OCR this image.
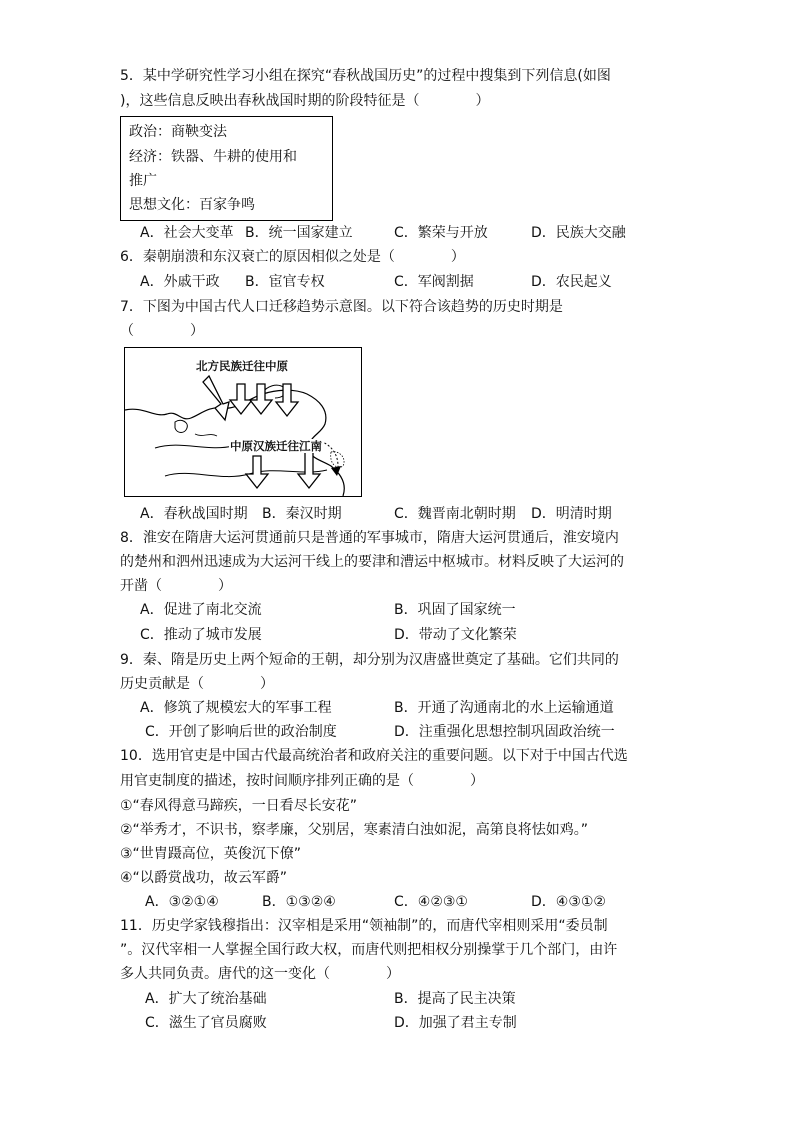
5．某中学研究性学习小组在探究“春秋战国历史”的过程中搜集到下列信息(如图
)，这些信息反映出春秋战国时期的阶段特征是（　　　　）
政治：商鞅变法
经济：铁器、牛耕的使用和
推广
思想文化：百家争鸣
A．社会大变革 B．统一国家建立	C．繁荣与开放	D．民族大交融
6．秦朝崩溃和东汉衰亡的原因相似之处是（　　　　）
A．外戚干政 B．宦官专权	C．军阀割据	D．农民起义
7．下图为中国古代人口迁移趋势示意图。以下符合该趋势的历史时期是
（　　　　）
北方民族迁往中原
中原汉族迁往江南
A．春秋战国时期 B．秦汉时期	C．魏晋南北朝时期 D．明清时期
8．淮安在隋唐大运河贯通前只是普通的军事城市，隋唐大运河贯通后，淮安境内
的楚州和泗州迅速成为大运河干线上的要津和漕运中枢城市。材料反映了大运河的
开凿（　　　　）
A．促进了南北交流	B．巩固了国家统一
C．推动了城市发展	D．带动了文化繁荣
9．秦、隋是历史上两个短命的王朝，却分别为汉唐盛世奠定了基础。它们共同的
历史贡献是（　　　　）
A．修筑了规模宏大的军事工程	B．开通了沟通南北的水上运输通道
C．开创了影响后世的政治制度	D．注重强化思想控制巩固政治统一
10．选用官吏是中国古代最高统治者和政府关注的重要问题。以下对于中国古代选
用官吏制度的描述，按时间顺序排列正确的是（　　　　）
①“春风得意马蹄疾，一日看尽长安花”
②“举秀才，不识书，察孝廉，父别居，寒素清白浊如泥，高第良将怯如鸡。”
③“世胄蹑高位，英俊沉下僚”
④“以爵赏战功，故云军爵”
A．③②①④	B．①③②④	C．④②③①	D．④③①②
11．历史学家钱穆指出：汉宰相是采用“领袖制”的，而唐代宰相则采用“委员制
”。汉代宰相一人掌握全国行政大权，而唐代则把相权分别操掌于几个部门，由许
多人共同负责。唐代的这一变化（　　　　）
A．扩大了统治基础	B．提高了民主决策
C．滋生了官员腐败	D．加强了君主专制
